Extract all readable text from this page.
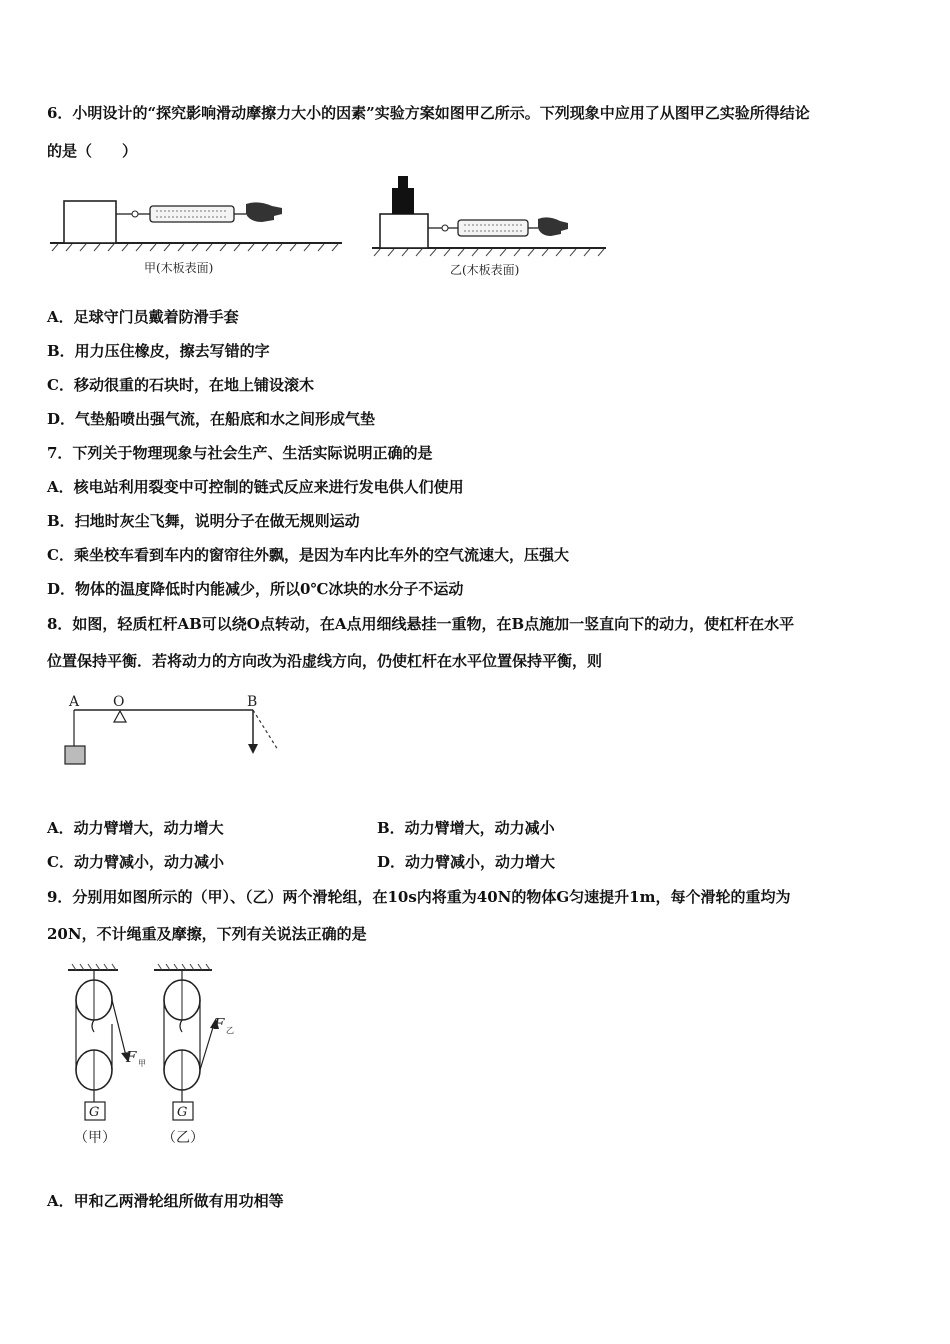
6．小明设计的“探究影响滑动摩擦力大小的因素”实验方案如图甲乙所示。下列现象中应用了从图甲乙实验所得结论
的是（　　）
甲(木板表面)	乙(木板表面)
A．足球守门员戴着防滑手套
B．用力压住橡皮，擦去写错的字
C．移动很重的石块时，在地上铺设滚木
D．气垫船喷出强气流，在船底和水之间形成气垫
7．下列关于物理现象与社会生产、生活实际说明正确的是
A．核电站利用裂变中可控制的链式反应来进行发电供人们使用
B．扫地时灰尘飞舞，说明分子在做无规则运动
C．乘坐校车看到车内的窗帘往外飘，是因为车内比车外的空气流速大，压强大
D．物体的温度降低时内能减少，所以0℃冰块的水分子不运动
8．如图，轻质杠杆AB可以绕O点转动，在A点用细线悬挂一重物，在B点施加一竖直向下的动力，使杠杆在水平
位置保持平衡．若将动力的方向改为沿虚线方向，仍使杠杆在水平位置保持平衡，则
A O	B
A．动力臂增大，动力增大	B．动力臂增大，动力减小
C．动力臂减小，动力减小	D．动力臂减小，动力增大
9．分别用如图所示的（甲）、（乙）两个滑轮组，在10s内将重为40N的物体G匀速提升1m，每个滑轮的重均为
20N，不计绳重及摩擦，下列有关说法正确的是
G
F 甲
（甲）
G
F 乙
（乙）
A．甲和乙两滑轮组所做有用功相等
